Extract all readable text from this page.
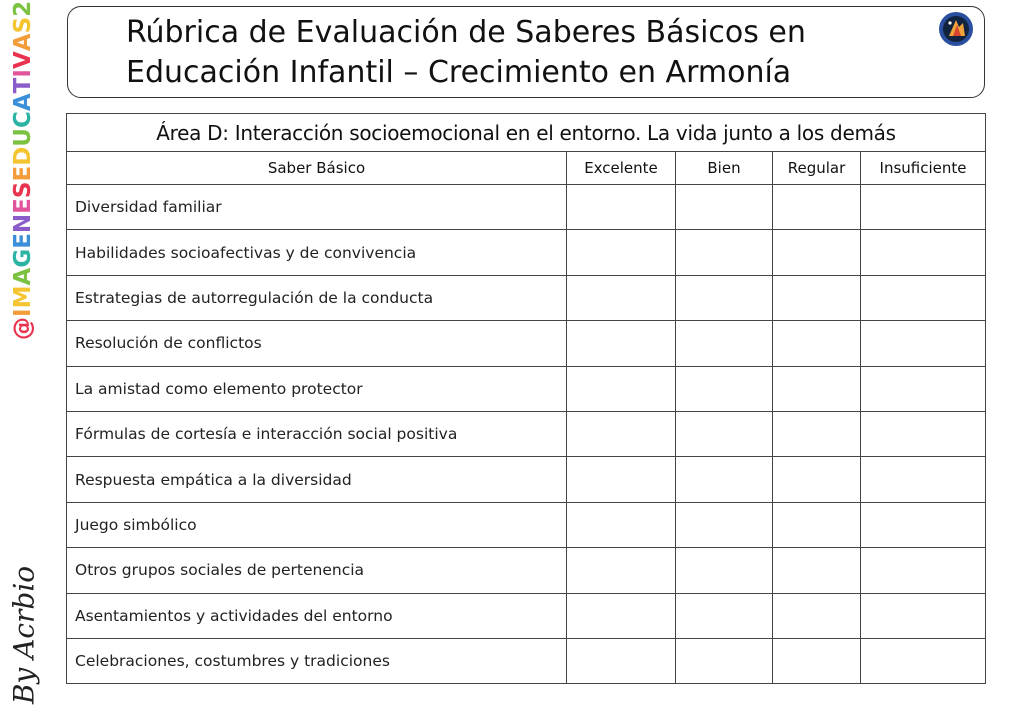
@IMAGENESEDUCATIVAS2
By Acrbio
Rúbrica de Evaluación de Saberes Básicos en
Educación Infantil – Crecimiento en Armonía
Área D: Interacción socioemocional en el entorno. La vida junto a los demás				
Saber Básico	Excelente	Bien	Regular	Insuficiente
Diversidad familiar				
Habilidades socioafectivas y de convivencia				
Estrategias de autorregulación de la conducta				
Resolución de conflictos				
La amistad como elemento protector				
Fórmulas de cortesía e interacción social positiva				
Respuesta empática a la diversidad				
Juego simbólico				
Otros grupos sociales de pertenencia				
Asentamientos y actividades del entorno				
Celebraciones, costumbres y tradiciones				
